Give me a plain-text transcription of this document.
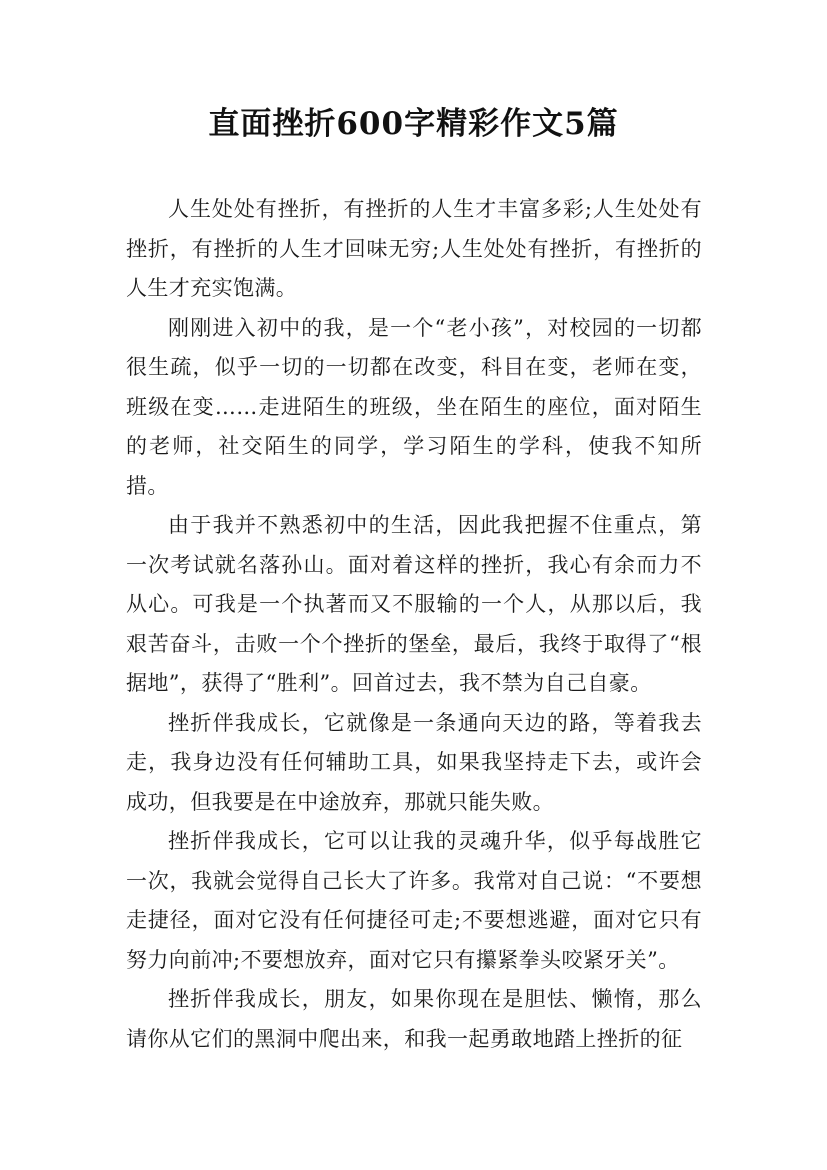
直面挫折600字精彩作文5篇

人生处处有挫折，有挫折的人生才丰富多彩;人生处处有挫折，有挫折的人生才回味无穷;人生处处有挫折，有挫折的人生才充实饱满。

刚刚进入初中的我，是一个“老小孩”，对校园的一切都很生疏，似乎一切的一切都在改变，科目在变，老师在变，班级在变……走进陌生的班级，坐在陌生的座位，面对陌生的老师，社交陌生的同学，学习陌生的学科，使我不知所措。

由于我并不熟悉初中的生活，因此我把握不住重点，第一次考试就名落孙山。面对着这样的挫折，我心有余而力不从心。可我是一个执著而又不服输的一个人，从那以后，我艰苦奋斗，击败一个个挫折的堡垒，最后，我终于取得了“根据地”，获得了“胜利”。回首过去，我不禁为自己自豪。

挫折伴我成长，它就像是一条通向天边的路，等着我去走，我身边没有任何辅助工具，如果我坚持走下去，或许会成功，但我要是在中途放弃，那就只能失败。

挫折伴我成长，它可以让我的灵魂升华，似乎每战胜它一次，我就会觉得自己长大了许多。我常对自己说：“不要想走捷径，面对它没有任何捷径可走;不要想逃避，面对它只有努力向前冲;不要想放弃，面对它只有攥紧拳头咬紧牙关”。

挫折伴我成长，朋友，如果你现在是胆怯、懒惰，那么请你从它们的黑洞中爬出来，和我一起勇敢地踏上挫折的征
